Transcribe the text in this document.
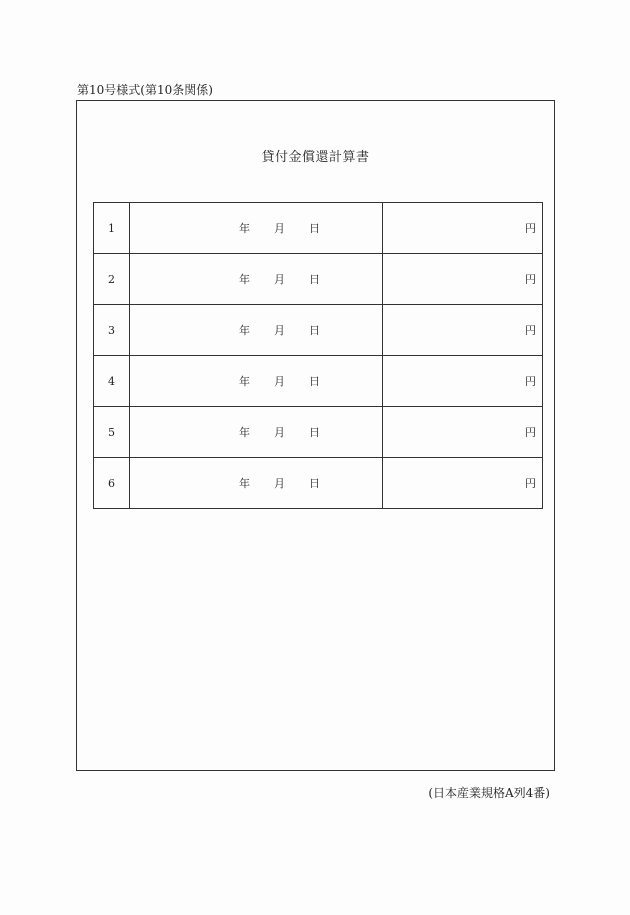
第10号様式(第10条関係)
貸付金償還計算書
1	年 月 日	円
2	年 月 日	円
3	年 月 日	円
4	年 月 日	円
5	年 月 日	円
6	年 月 日	円
(日本産業規格A列4番)
